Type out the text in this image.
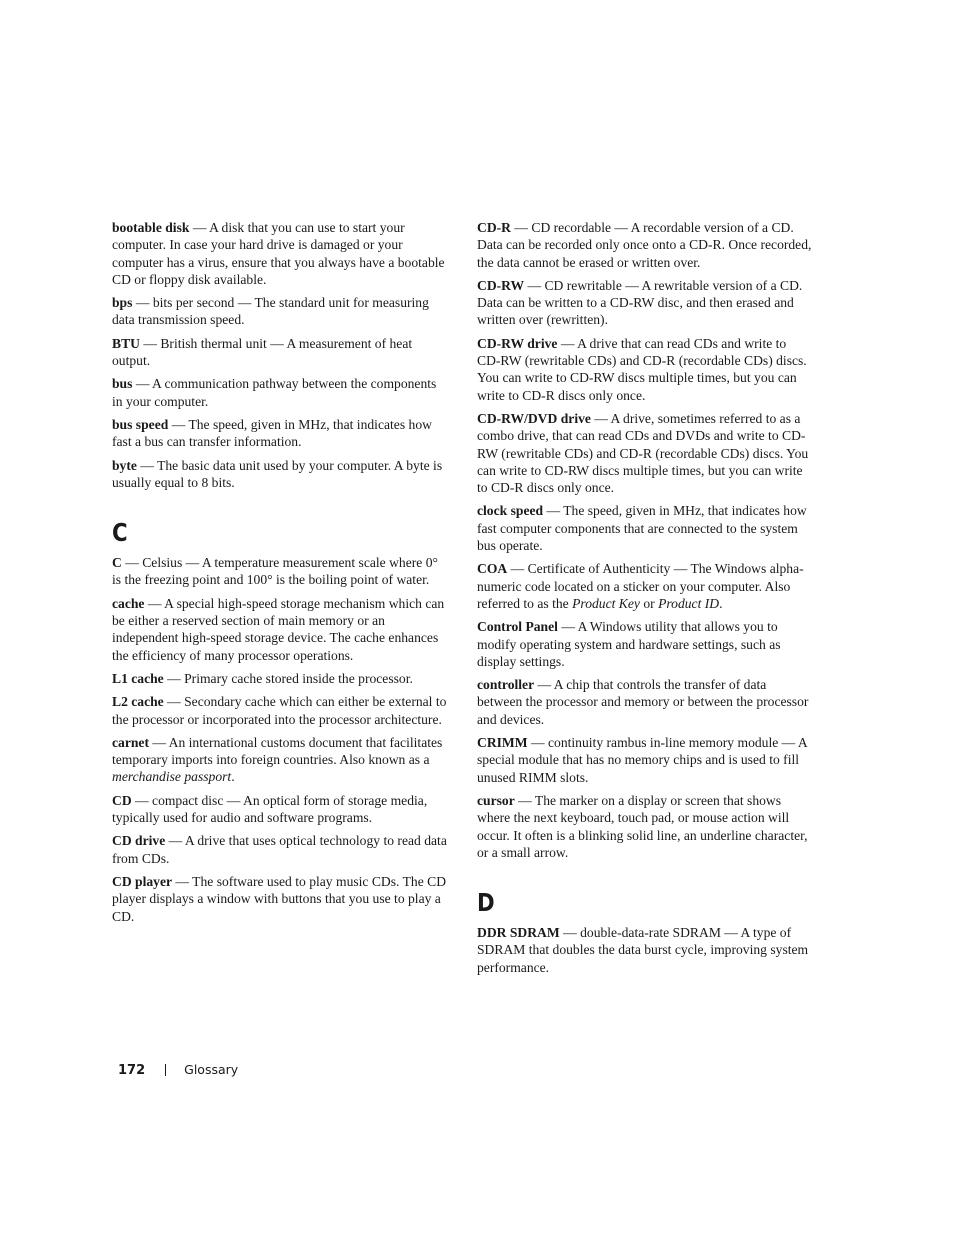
bootable disk — A disk that you can use to start your computer. In case your hard drive is damaged or your computer has a virus, ensure that you always have a bootable CD or floppy disk available.

bps — bits per second — The standard unit for measuring data transmission speed.

BTU — British thermal unit — A measurement of heat output.

bus — A communication pathway between the components in your computer.

bus speed — The speed, given in MHz, that indicates how fast a bus can transfer information.

byte — The basic data unit used by your computer. A byte is usually equal to 8 bits.

C

C — Celsius — A temperature measurement scale where 0° is the freezing point and 100° is the boiling point of water.

cache — A special high-speed storage mechanism which can be either a reserved section of main memory or an independent high-speed storage device. The cache enhances the efficiency of many processor operations.

L1 cache — Primary cache stored inside the processor.

L2 cache — Secondary cache which can either be external to the processor or incorporated into the processor architecture.

carnet — An international customs document that facilitates temporary imports into foreign countries. Also known as a merchandise passport.

CD — compact disc — An optical form of storage media, typically used for audio and software programs.

CD drive — A drive that uses optical technology to read data from CDs.

CD player — The software used to play music CDs. The CD player displays a window with buttons that you use to play a CD.

CD-R — CD recordable — A recordable version of a CD. Data can be recorded only once onto a CD-R. Once recorded, the data cannot be erased or written over.

CD-RW — CD rewritable — A rewritable version of a CD. Data can be written to a CD-RW disc, and then erased and written over (rewritten).

CD-RW drive — A drive that can read CDs and write to CD-RW (rewritable CDs) and CD-R (recordable CDs) discs. You can write to CD-RW discs multiple times, but you can write to CD-R discs only once.

CD-RW/DVD drive — A drive, sometimes referred to as a combo drive, that can read CDs and DVDs and write to CD-RW (rewritable CDs) and CD-R (recordable CDs) discs. You can write to CD-RW discs multiple times, but you can write to CD-R discs only once.

clock speed — The speed, given in MHz, that indicates how fast computer components that are connected to the system bus operate.

COA — Certificate of Authenticity — The Windows alpha-numeric code located on a sticker on your computer. Also referred to as the Product Key or Product ID.

Control Panel — A Windows utility that allows you to modify operating system and hardware settings, such as display settings.

controller — A chip that controls the transfer of data between the processor and memory or between the processor and devices.

CRIMM — continuity rambus in-line memory module — A special module that has no memory chips and is used to fill unused RIMM slots.

cursor — The marker on a display or screen that shows where the next keyboard, touch pad, or mouse action will occur. It often is a blinking solid line, an underline character, or a small arrow.

D

DDR SDRAM — double-data-rate SDRAM — A type of SDRAM that doubles the data burst cycle, improving system performance.

172	Glossary
